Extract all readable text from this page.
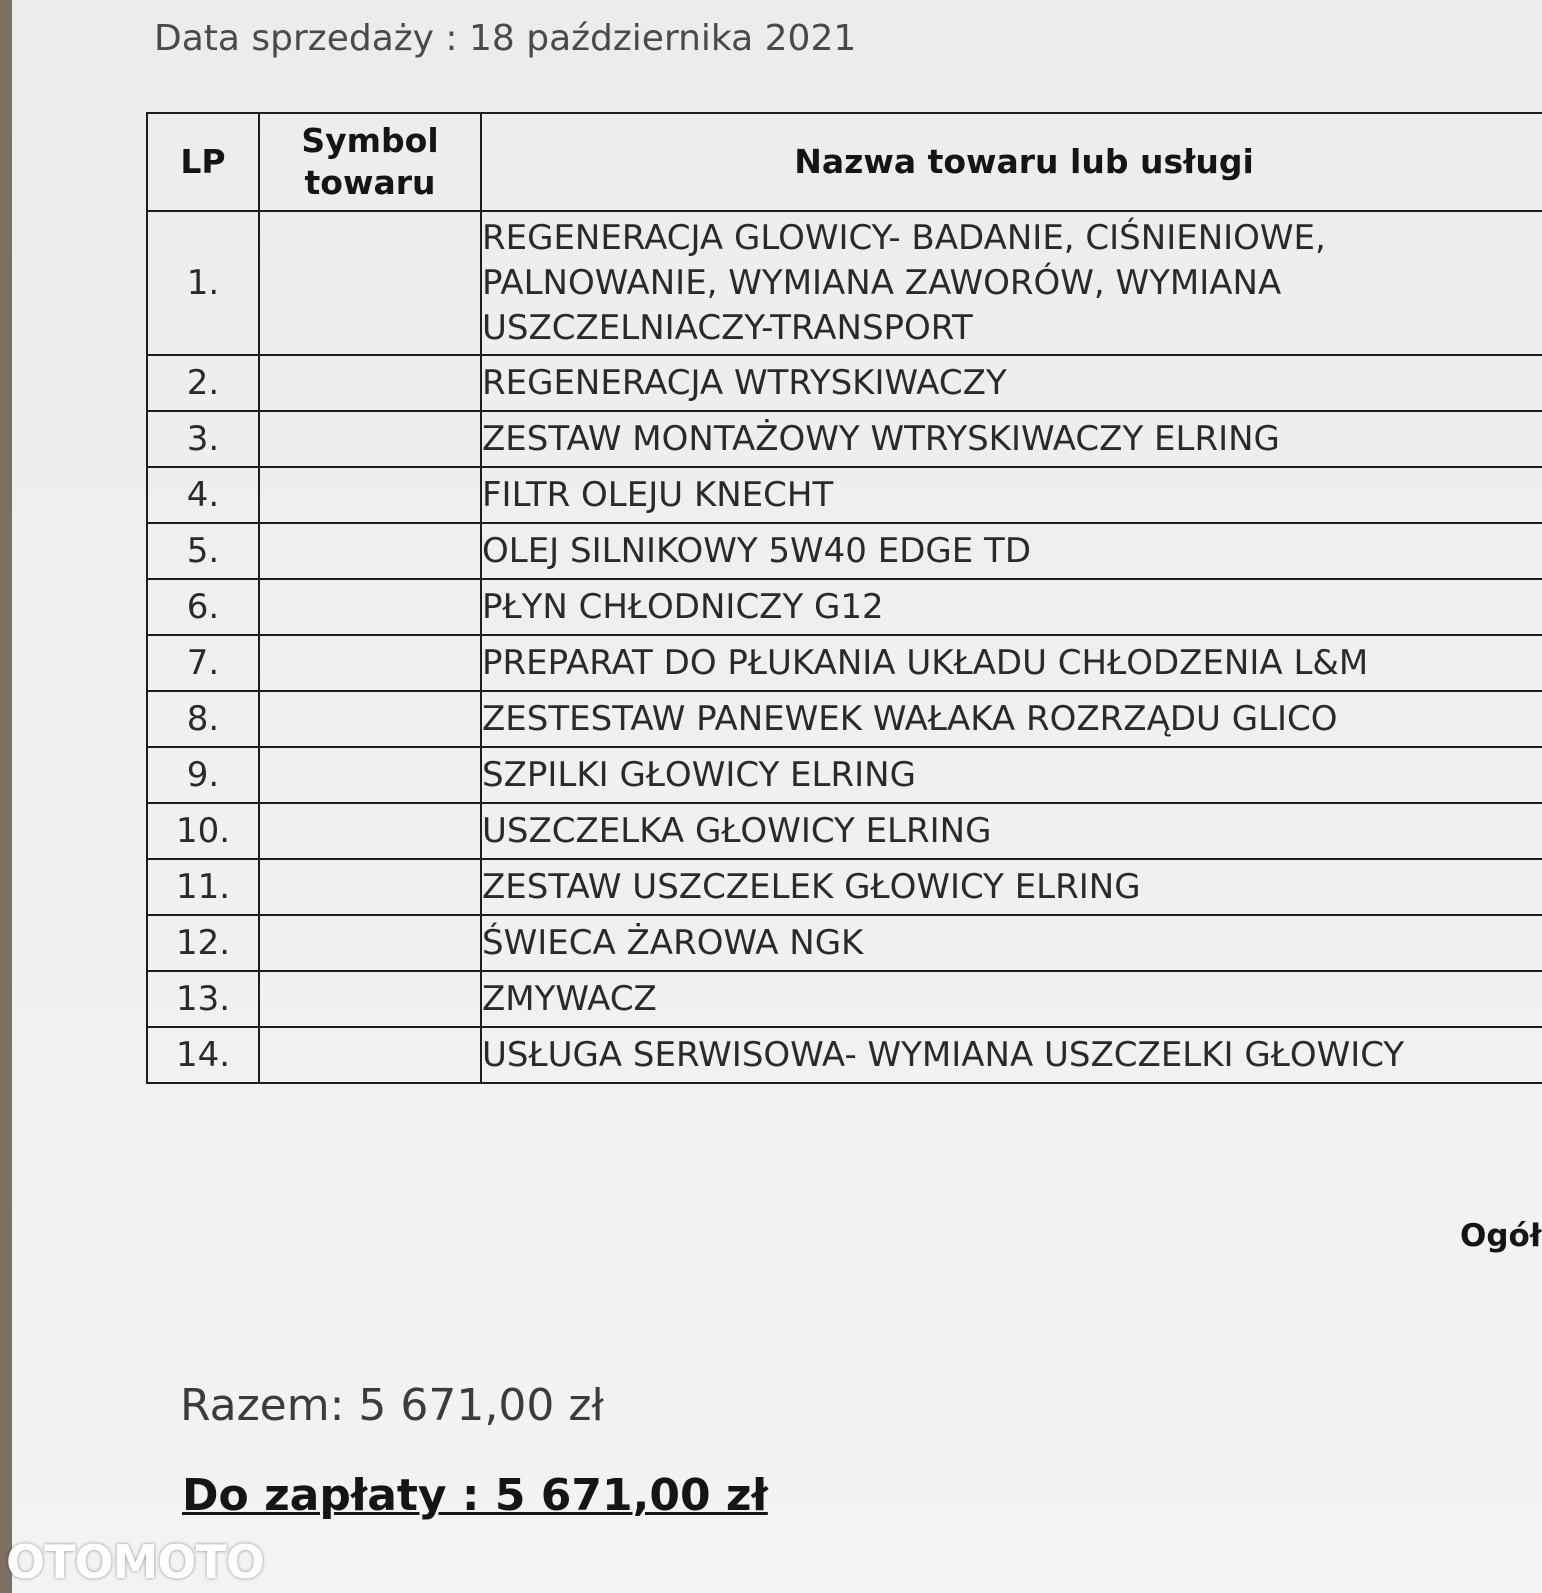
Data sprzedaży : 18 października 2021
LP	Symbol towaru	Nazwa towaru lub usługi
1.		REGENERACJA GLOWICY- BADANIE, CIŚNIENIOWE, PALNOWANIE, WYMIANA ZAWORÓW, WYMIANA USZCZELNIACZY-TRANSPORT
2.		REGENERACJA WTRYSKIWACZY
3.		ZESTAW MONTAŻOWY WTRYSKIWACZY ELRING
4.		FILTR OLEJU KNECHT
5.		OLEJ SILNIKOWY 5W40 EDGE TD
6.		PŁYN CHŁODNICZY G12
7.		PREPARAT DO PŁUKANIA UKŁADU CHŁODZENIA L&M
8.		ZESTESTAW PANEWEK WAŁAKA ROZRZĄDU GLICO
9.		SZPILKI GŁOWICY ELRING
10.		USZCZELKA GŁOWICY ELRING
11.		ZESTAW USZCZELEK GŁOWICY ELRING
12.		ŚWIECA ŻAROWA NGK
13.		ZMYWACZ
14.		USŁUGA SERWISOWA- WYMIANA USZCZELKI GŁOWICY
Ogół
Razem: 5 671,00 zł
Do zapłaty : 5 671,00 zł
OTOMOTO
